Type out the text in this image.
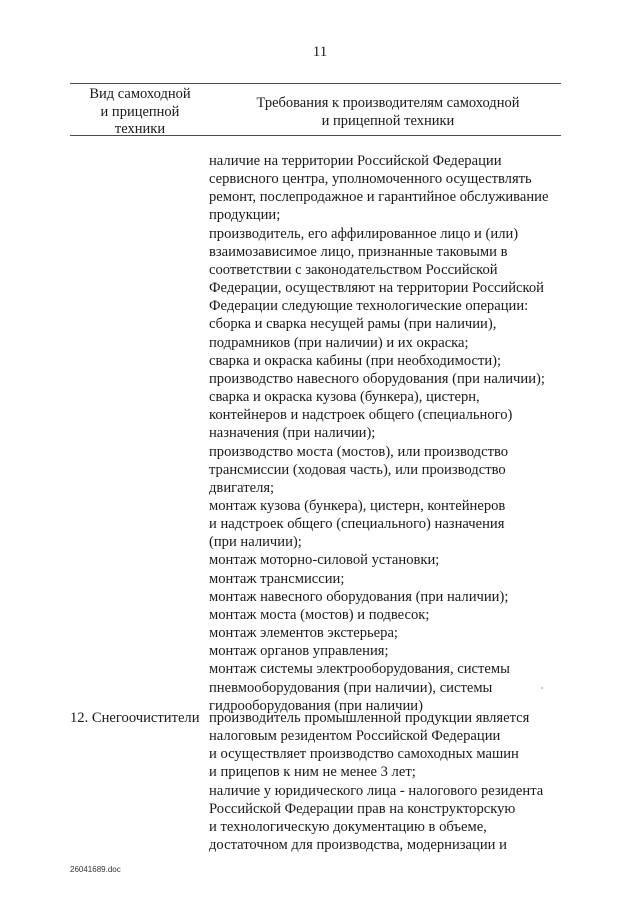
11
Вид самоходной
и прицепной
техники
Требования к производителям самоходной
и прицепной техники
наличие на территории Российской Федерации
сервисного центра, уполномоченного осуществлять
ремонт, послепродажное и гарантийное обслуживание
продукции;
производитель, его аффилированное лицо и (или)
взаимозависимое лицо, признанные таковыми в
соответствии с законодательством Российской
Федерации, осуществляют на территории Российской
Федерации следующие технологические операции:
сборка и сварка несущей рамы (при наличии),
подрамников (при наличии) и их окраска;
сварка и окраска кабины (при необходимости);
производство навесного оборудования (при наличии);
сварка и окраска кузова (бункера), цистерн,
контейнеров и надстроек общего (специального)
назначения (при наличии);
производство моста (мостов), или производство
трансмиссии (ходовая часть), или производство
двигателя;
монтаж кузова (бункера), цистерн, контейнеров
и надстроек общего (специального) назначения
(при наличии);
монтаж моторно-силовой установки;
монтаж трансмиссии;
монтаж навесного оборудования (при наличии);
монтаж моста (мостов) и подвесок;
монтаж элементов экстерьера;
монтаж органов управления;
монтаж системы электрооборудования, системы
пневмооборудования (при наличии), системы
гидрооборудования (при наличии)
12. Снегоочистители производитель промышленной продукции является
налоговым резидентом Российской Федерации
и осуществляет производство самоходных машин
и прицепов к ним не менее 3 лет;
наличие у юридического лица - налогового резидента
Российской Федерации прав на конструкторскую
и технологическую документацию в объеме,
достаточном для производства, модернизации и
26041689.doc
